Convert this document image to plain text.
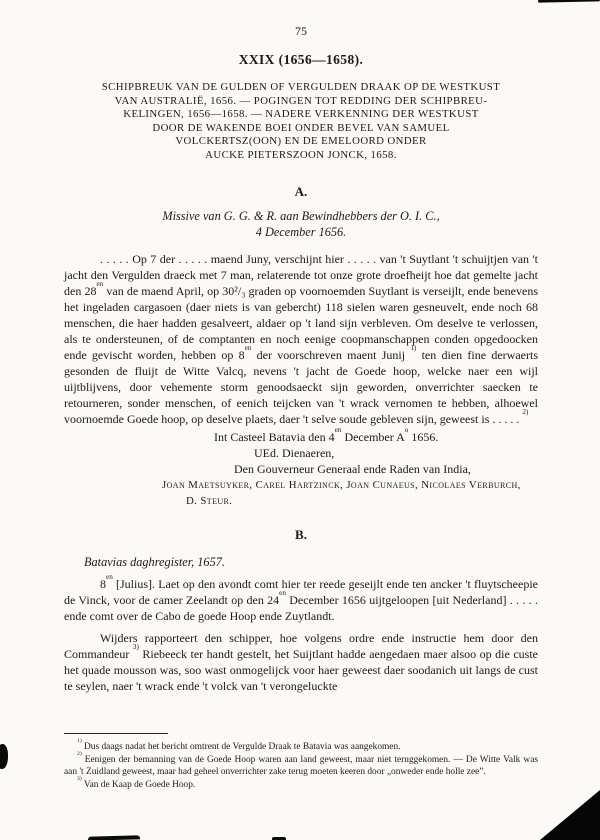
75
XXIX (1656—1658).
SCHIPBREUK VAN DE GULDEN OF VERGULDEN DRAAK OP DE WESTKUST
VAN AUSTRALIË, 1656. — POGINGEN TOT REDDING DER SCHIPBREU-
KELINGEN, 1656—1658. — NADERE VERKENNING DER WESTKUST
DOOR DE WAKENDE BOEI ONDER BEVEL VAN SAMUEL
VOLCKERTSZ(OON) EN DE EMELOORD ONDER
AUCKE PIETERSZOON JONCK, 1658.
A.
Missive van G. G. & R. aan Bewindhebbers der O. I. C.,
4 December 1656.

. . . . . Op 7 der . . . . . maend Juny, verschijnt hier . . . . . van 't Suytlant 't schuijtjen van 't jacht den Vergulden draeck met 7 man, relaterende tot onze grote droefheijt hoe dat gemelte jacht den $28^{en}$ van de maend April, op 30²/₃ graden op voornoemden Suytlant is verseijlt, ende benevens het ingeladen cargasoen (daer niets is van gebercht) 118 sielen waren gesneuvelt, ende noch 68 menschen, die haer hadden gesalveert, aldaer op 't land sijn verbleven. Om deselve te verlossen, als te ondersteunen, of de comptanten en noch eenige coopmanschappen conden opgedoocken ende gevischt worden, hebben op $8^{en}$ der voorschreven maent Junij $^{1)}$ ten dien fine derwaerts gesonden de fluijt de Witte Valcq, nevens 't jacht de Goede hoop, welcke naer een wijl uijtblijvens, door vehemente storm genoodsaeckt sijn geworden, onverrichter saecken te retourneren, sonder menschen, of eenich teijcken van 't wrack vernomen te hebben, alhoewel voornoemde Goede hoop, op deselve plaets, daer 't selve soude gebleven sijn, geweest is . . . . . $^{2)}$

Int Casteel Batavia den $4^{en}$ December $A^o$ 1656.
UEd. Dienaeren,
Den Gouverneur Generaal ende Raden van India,
Joan Maetsuyker, Carel Hartzinck, Joan Cunaeus, Nicolaes Verburch,
D. Steur.
B.
Batavias daghregister, 1657.

$8^{en}$ [Julius]. Laet op den avondt comt hier ter reede geseijlt ende ten ancker 't fluytscheepie de Vinck, voor de camer Zeelandt op den $24^{en}$ December 1656 uijtgeloopen [uit Nederland] . . . . . ende comt over de Cabo de goede Hoop ende Zuytlandt.

Wijders rapporteert den schipper, hoe volgens ordre ende instructie hem door den Commandeur $^{3)}$ Riebeeck ter handt gestelt, het Suijtlant hadde aengedaen maer alsoo op die custe het quade mousson was, soo wast onmogelijck voor haer geweest daer soodanich uit langs de cust te seylen, naer 't wrack ende 't volck van 't verongeluckte

$^{1)}$ Dus daags nadat het bericht omtrent de Vergulde Draak te Batavia was aangekomen.

$^{2)}$ Eenigen der bemanning van de Goede Hoop waren aan land geweest, maar niet teruggekomen. — De Witte Valk was aan 't Zuidland geweest, maar had geheel onverrichter zake terug moeten keeren door „onweder ende holle zee”.

$^{3)}$ Van de Kaap de Goede Hoop.
